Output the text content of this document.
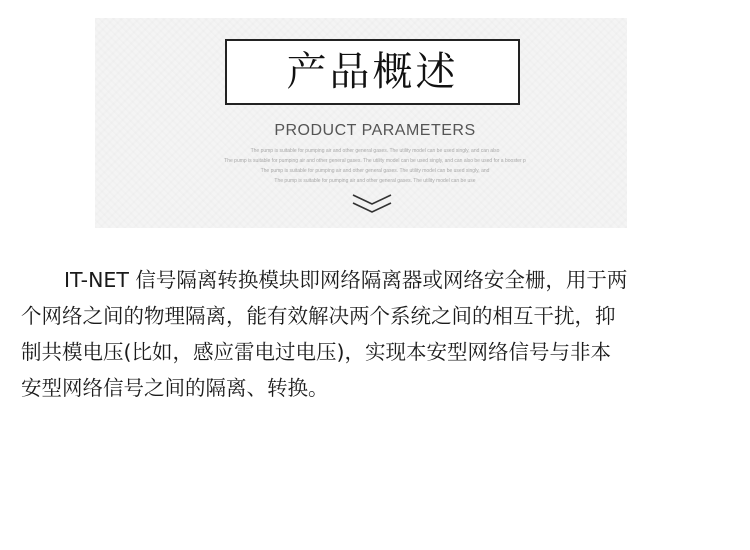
产品概述
PRODUCT PARAMETERS
The pump is suitable for pumping air and other general gases. The utility model can be used singly, and can also
The pump is suitable for pumping air and other general gases. The utility model can be used singly, and can also be used for a booster p
The pump is suitable for pumping air and other general gases. The utility model can be used singly, and
The pump is suitable for pumping air and other general gases. The utility model can be use
IT-NET 信号隔离转换模块即网络隔离器或网络安全栅，用于两
个网络之间的物理隔离，能有效解决两个系统之间的相互干扰，抑
制共模电压(比如，感应雷电过电压)，实现本安型网络信号与非本
安型网络信号之间的隔离、转换。
